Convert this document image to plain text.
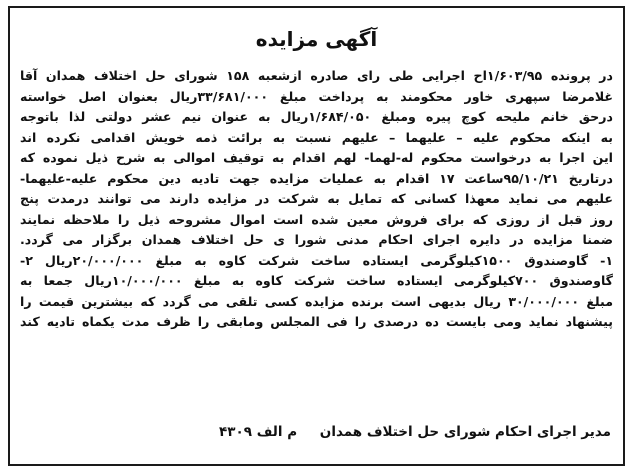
آگهی مزایده
در پرونده ۱/۶۰۳/۹۵اح اجرایی طی رای صادره ازشعبه ۱۵۸ شورای حل اختلاف همدان آقا
غلامرضا سپهری خاور محکومند به پرداخت مبلغ ۳۳/۶۸۱/۰۰۰ریال بعنوان اصل خواسته
درحق خانم ملیحه کوچ پیره ومبلغ ۱/۶۸۴/۰۵۰ریال به عنوان نیم عشر دولتی لذا باتوجه
به اینکه محکوم علیه – علیهما – علیهم نسبت به برائت ذمه خویش اقدامی نکرده اند
این اجرا به درخواست محکوم له-لهما- لهم اقدام به توقیف اموالی به شرح ذیل نموده که
درتاریخ ۹۵/۱۰/۲۱ساعت ۱۷ اقدام به عملیات مزایده جهت تادیه دین محکوم علیه-علیهما-
علیهم می نماید معهذا کسانی که تمایل به شرکت در مزایده دارند می توانند درمدت پنج
روز قبل از روزی که برای فروش معین شده است اموال مشروحه ذیل را ملاحظه نمایند
ضمنا مزایده در دایره اجرای احکام مدنی شورا ی حل اختلاف همدان برگزار می گردد.
۱- گاوصندوق ۱۵۰۰کیلوگرمی ایستاده ساخت شرکت کاوه به مبلغ ۲۰/۰۰۰/۰۰۰ریال ۲-
گاوصندوق ۷۰۰کیلوگرمی ایستاده ساخت شرکت کاوه به مبلغ ۱۰/۰۰۰/۰۰۰ریال جمعا به
مبلغ ۳۰/۰۰۰/۰۰۰ ریال بدیهی است برنده مزایده کسی تلقی می گردد که بیشترین قیمت را
پیشنهاد نماید ومی بایست ده درصدی را فی المجلس ومابقی را ظرف مدت یکماه تادیه کند
مدیر اجرای احکام شورای حل اختلاف همدان م الف ۴۳۰۹
